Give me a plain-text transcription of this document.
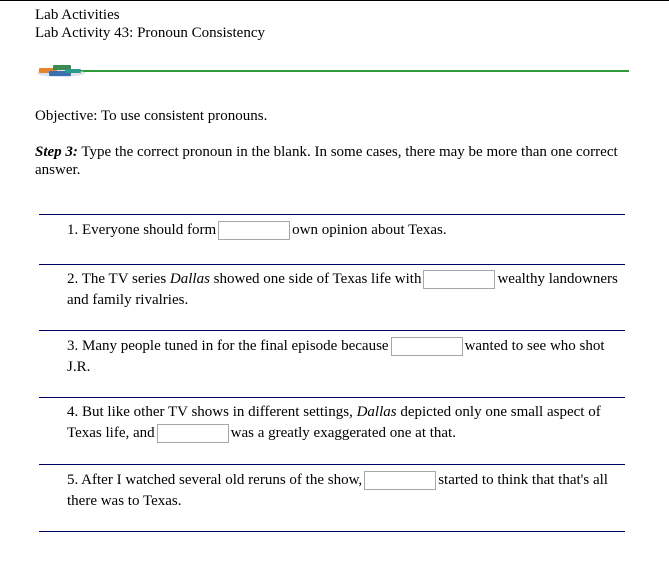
Lab Activities
Lab Activity 43: Pronoun Consistency
Objective: To use consistent pronouns.
Step 3: Type the correct pronoun in the blank. In some cases, there may be more than one correct answer.
1. Everyone should form	own opinion about Texas.
2. The TV series Dallas showed one side of Texas life with	wealthy landowners and family rivalries.
3. Many people tuned in for the final episode because	wanted to see who shot J.R.
4. But like other TV shows in different settings, Dallas depicted only one small aspect of Texas life, and	was a greatly exaggerated one at that.
5. After I watched several old reruns of the show,	started to think that that's all there was to Texas.
